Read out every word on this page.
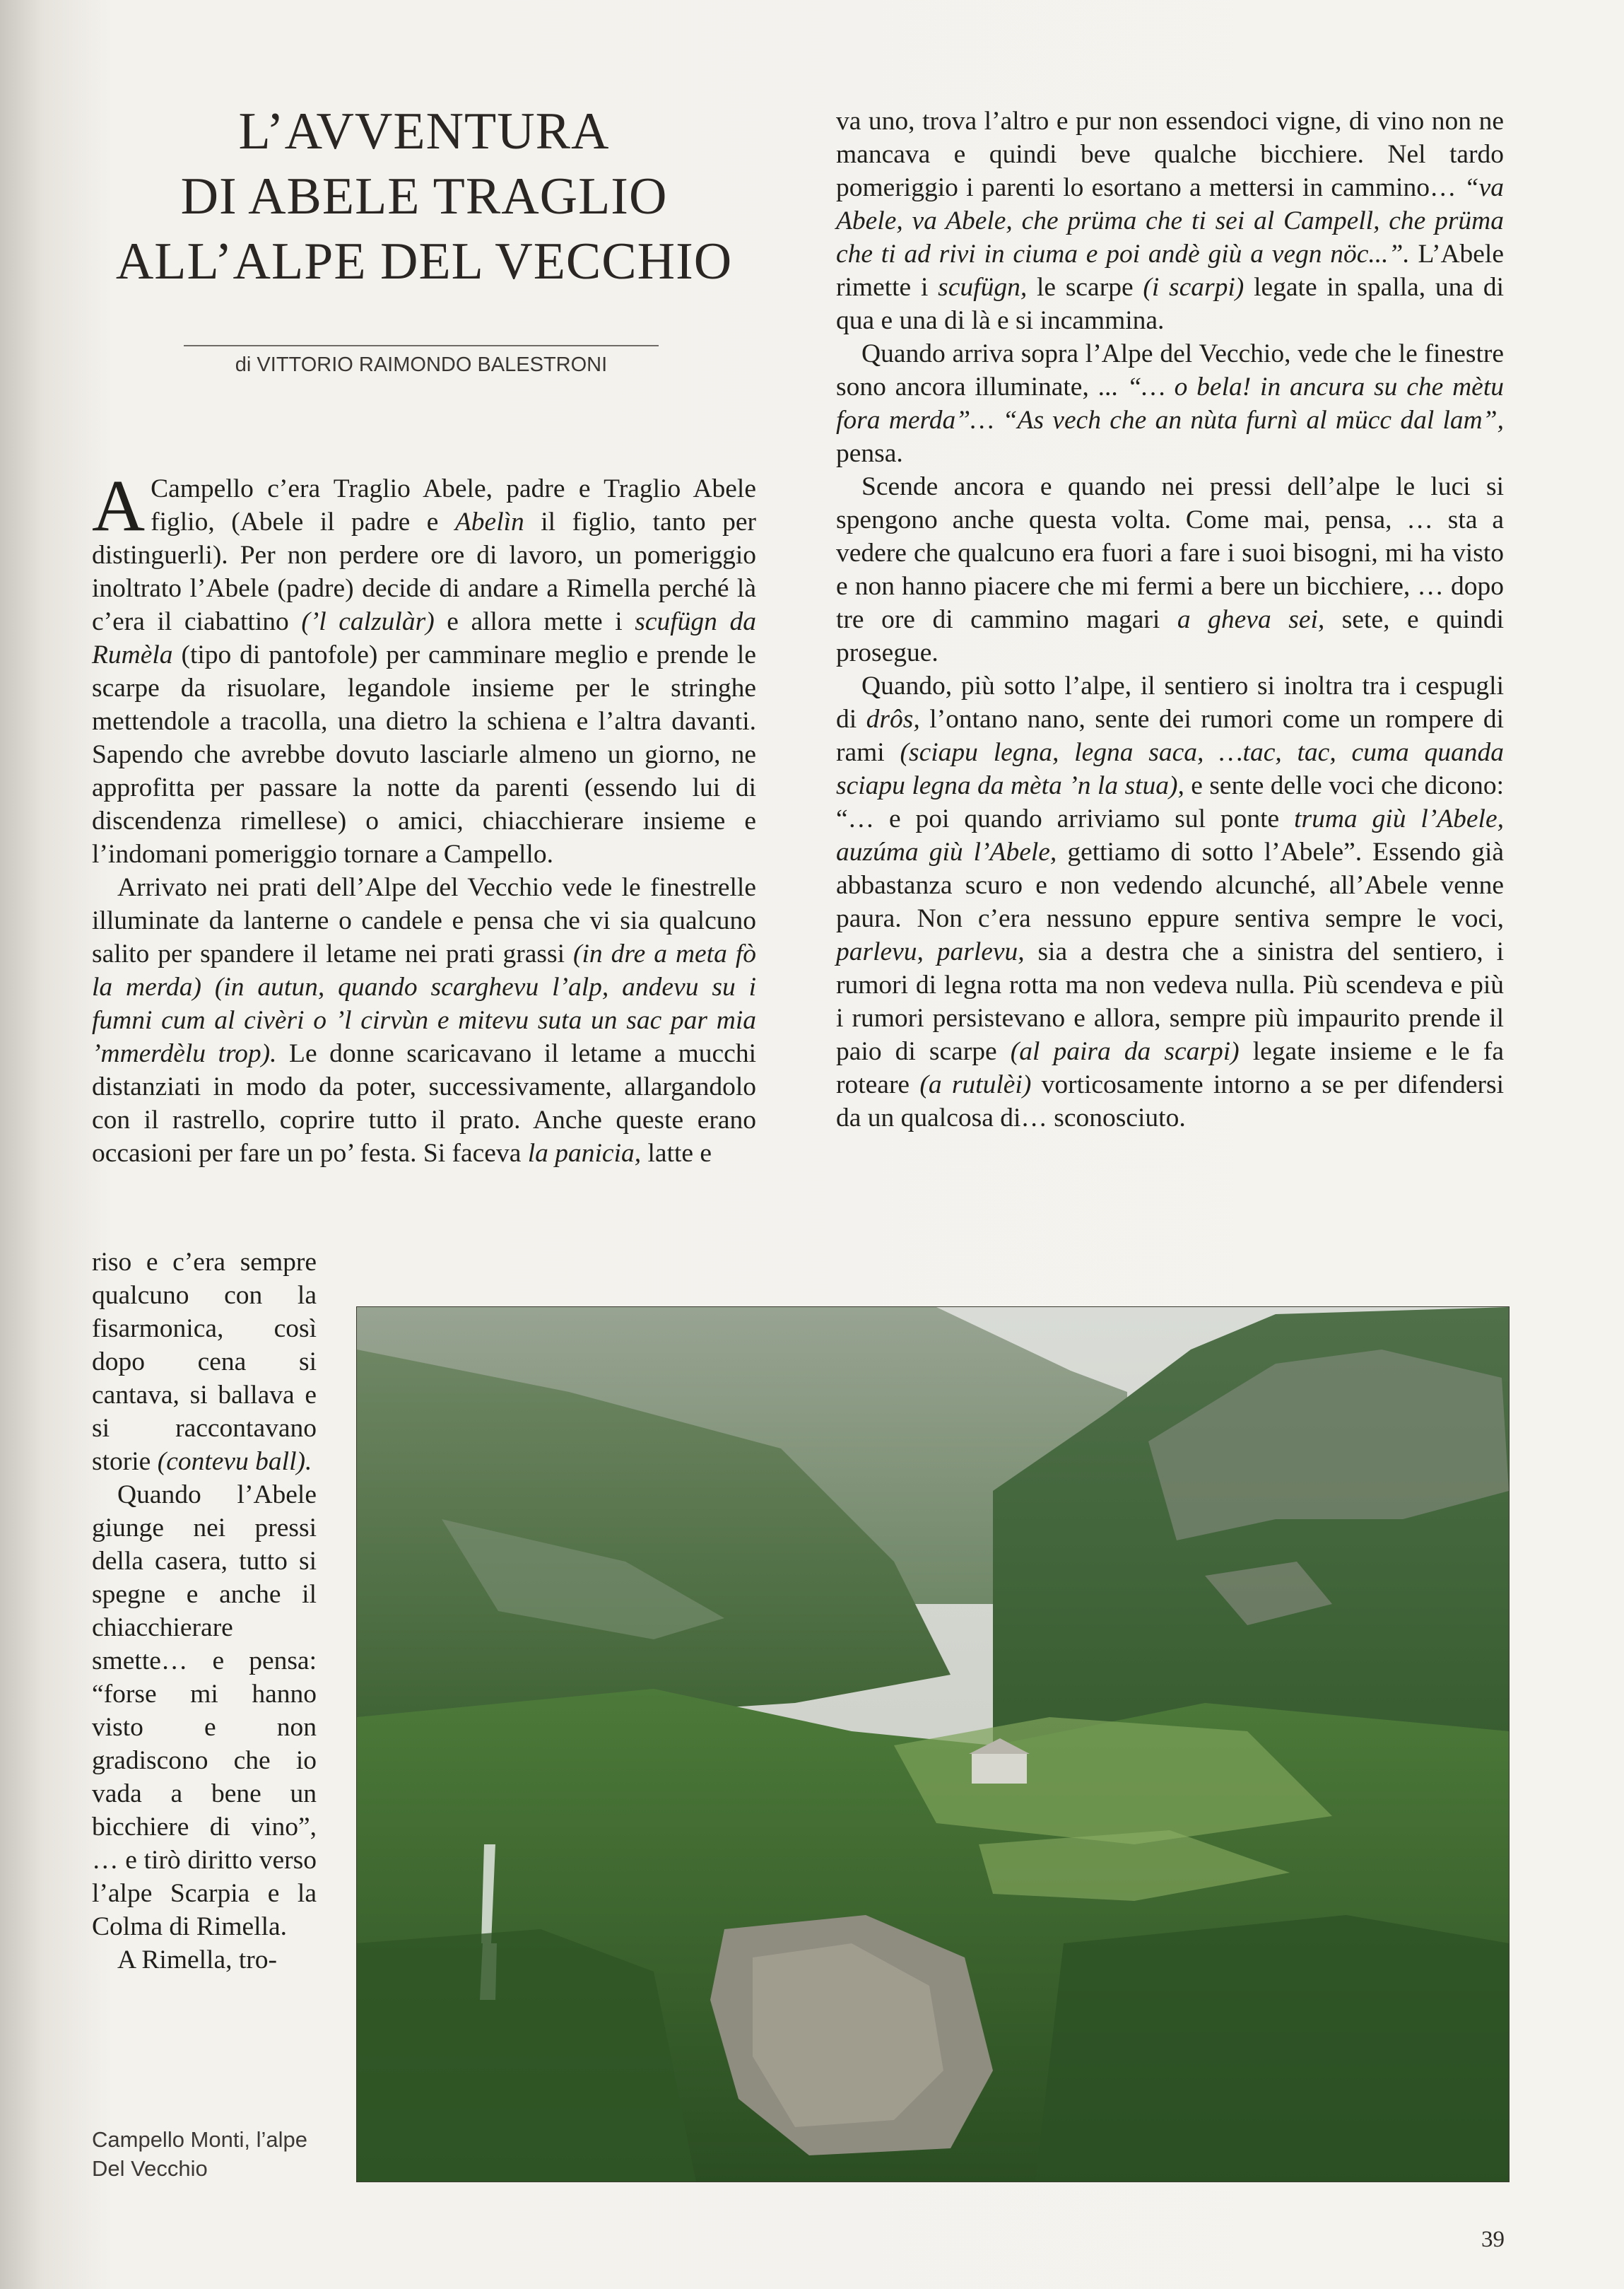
L’AVVENTURA
DI ABELE TRAGLIO
ALL’ALPE DEL VECCHIO
di VITTORIO RAIMONDO BALESTRONI

A Campello c’era Traglio Abele, padre e Traglio Abele figlio, (Abele il padre e Abelìn il figlio, tanto per distinguerli). Per non perdere ore di lavoro, un pomeriggio inoltrato l’Abele (padre) decide di andare a Rimella perché là c’era il ciabattino (’l calzulàr) e allora mette i scufügn da Rumèla (tipo di pantofole) per camminare meglio e prende le scarpe da risuolare, legandole insieme per le stringhe mettendole a tracolla, una dietro la schiena e l’altra davanti. Sapendo che avrebbe dovuto lasciarle almeno un giorno, ne approfitta per passare la notte da parenti (essendo lui di discendenza rimellese) o amici, chiacchierare insieme e l’indomani pomeriggio tornare a Campello.

Arrivato nei prati dell’Alpe del Vecchio vede le finestrelle illuminate da lanterne o candele e pensa che vi sia qualcuno salito per spandere il letame nei prati grassi (in dre a meta fò la merda) (in autun, quando scarghevu l’alp, andevu su i fumni cum al civèri o ’l cirvùn e mitevu suta un sac par mia ’mmerdèlu trop). Le donne scaricavano il letame a mucchi distanziati in modo da poter, successivamente, allargandolo con il rastrello, coprire tutto il prato. Anche queste erano occasioni per fare un po’ festa. Si faceva la panicia, latte e

riso e c’era sempre qualcuno con la fisarmonica, così dopo cena si cantava, si ballava e si raccontavano storie (contevu ball).

Quando l’Abele giunge nei pressi della casera, tutto si spegne e anche il chiacchierare smette… e pensa: “forse mi hanno visto e non gradiscono che io vada a bene un bicchiere di vino”, … e tirò diritto verso l’alpe Scarpia e la Colma di Rimella.

A Rimella, tro-

va uno, trova l’altro e pur non essendoci vigne, di vino non ne mancava e quindi beve qualche bicchiere. Nel tardo pomeriggio i parenti lo esortano a mettersi in cammino… “va Abele, va Abele, che prüma che ti sei al Campell, che prüma che ti ad rivi in ciuma e poi andè giù a vegn nöc...”. L’Abele rimette i scufügn, le scarpe (i scarpi) legate in spalla, una di qua e una di là e si incammina.

Quando arriva sopra l’Alpe del Vecchio, vede che le finestre sono ancora illuminate, ... “… o bela! in ancura su che mètu fora merda”… “As vech che an nùta furnì al mücc dal lam”, pensa.

Scende ancora e quando nei pressi dell’alpe le luci si spengono anche questa volta. Come mai, pensa, … sta a vedere che qualcuno era fuori a fare i suoi bisogni, mi ha visto e non hanno piacere che mi fermi a bere un bicchiere, … dopo tre ore di cammino magari a gheva sei, sete, e quindi prosegue.

Quando, più sotto l’alpe, il sentiero si inoltra tra i cespugli di drôs, l’ontano nano, sente dei rumori come un rompere di rami (sciapu legna, legna saca, …tac, tac, cuma quanda sciapu legna da mèta ’n la stua), e sente delle voci che dicono: “… e poi quando arriviamo sul ponte truma giù l’Abele, auzúma giù l’Abele, gettiamo di sotto l’Abele”. Essendo già abbastanza scuro e non vedendo alcunché, all’Abele venne paura. Non c’era nessuno eppure sentiva sempre le voci, parlevu, parlevu, sia a destra che a sinistra del sentiero, i rumori di legna rotta ma non vedeva nulla. Più scendeva e più i rumori persistevano e allora, sempre più impaurito prende il paio di scarpe (al paira da scarpi) legate insieme e le fa roteare (a rutulèi) vorticosamente intorno a se per difendersi da un qualcosa di… sconosciuto.

Campello Monti, l’alpe Del Vecchio
39
